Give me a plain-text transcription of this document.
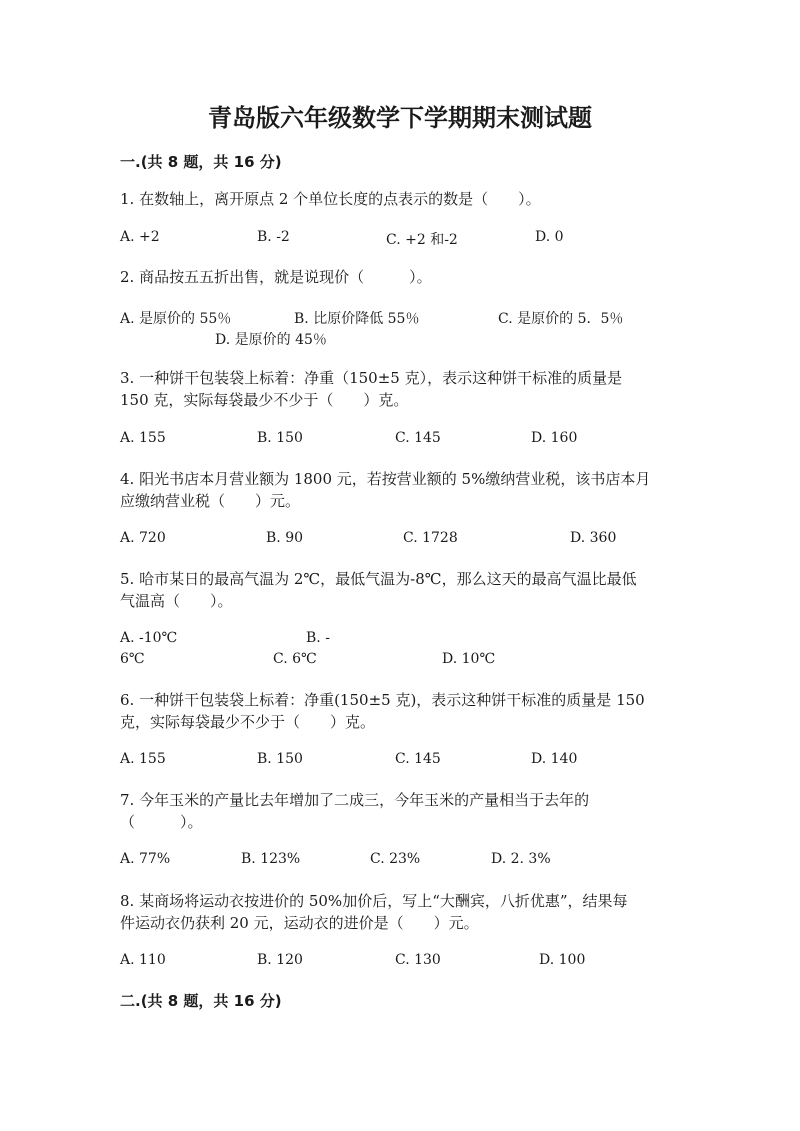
青岛版六年级数学下学期期末测试题
一.(共 8 题，共 16 分)
1. 在数轴上，离开原点 2 个单位长度的点表示的数是（　　）。
A. +2	B. -2	C. +2 和-2	D. 0
2. 商品按五五折出售，就是说现价（　　　）。
A. 是原价的 55％	B. 比原价降低 55％	C. 是原价的 5．5％
D. 是原价的 45％
3. 一种饼干包装袋上标着：净重（150±5 克），表示这种饼干标准的质量是
150 克，实际每袋最少不少于（　　）克。
A. 155	B. 150	C. 145	D. 160
4. 阳光书店本月营业额为 1800 元，若按营业额的 5%缴纳营业税，该书店本月
应缴纳营业税（　　）元。
A. 720	B. 90	C. 1728	D. 360
5. 哈市某日的最高气温为 2℃，最低气温为-8℃，那么这天的最高气温比最低
气温高（　　）。
A. -10℃	B. -
6℃	C. 6℃	D. 10℃
6. 一种饼干包装袋上标着：净重(150±5 克)，表示这种饼干标准的质量是 150
克，实际每袋最少不少于（　　）克。
A. 155	B. 150	C. 145	D. 140
7. 今年玉米的产量比去年增加了二成三，今年玉米的产量相当于去年的
（　　　）。
A. 77%	B. 123%	C. 23%	D. 2. 3%
8. 某商场将运动衣按进价的 50%加价后，写上“大酬宾，八折优惠”，结果每
件运动衣仍获利 20 元，运动衣的进价是（　　）元。
A. 110	B. 120	C. 130	D. 100
二.(共 8 题，共 16 分)
